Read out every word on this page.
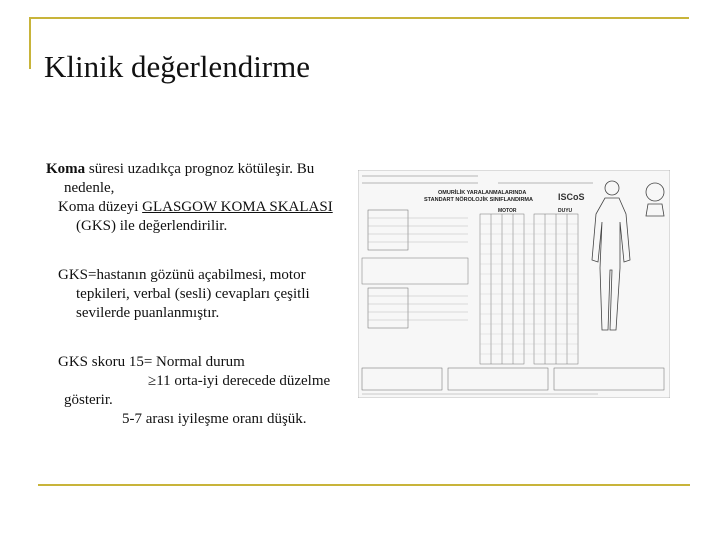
Klinik değerlendirme

Koma süresi uzadıkça prognoz kötüleşir. Bu nedenle,

Koma düzeyi GLASGOW KOMA SKALASI (GKS) ile değerlendirilir.

GKS=hastanın gözünü açabilmesi, motor tepkileri, verbal (sesli) cevapları çeşitli sevilerde puanlanmıştır.

GKS skoru 15= Normal durum
≥11 orta-iyi derecede düzelme
gösterir.
5-7 arası iyileşme oranı düşük.

OMURİLİK YARALANMALARINDA
STANDART NÖROLOJİK SINIFLANDIRMA	ISCoS
MOTOR	DUYU
